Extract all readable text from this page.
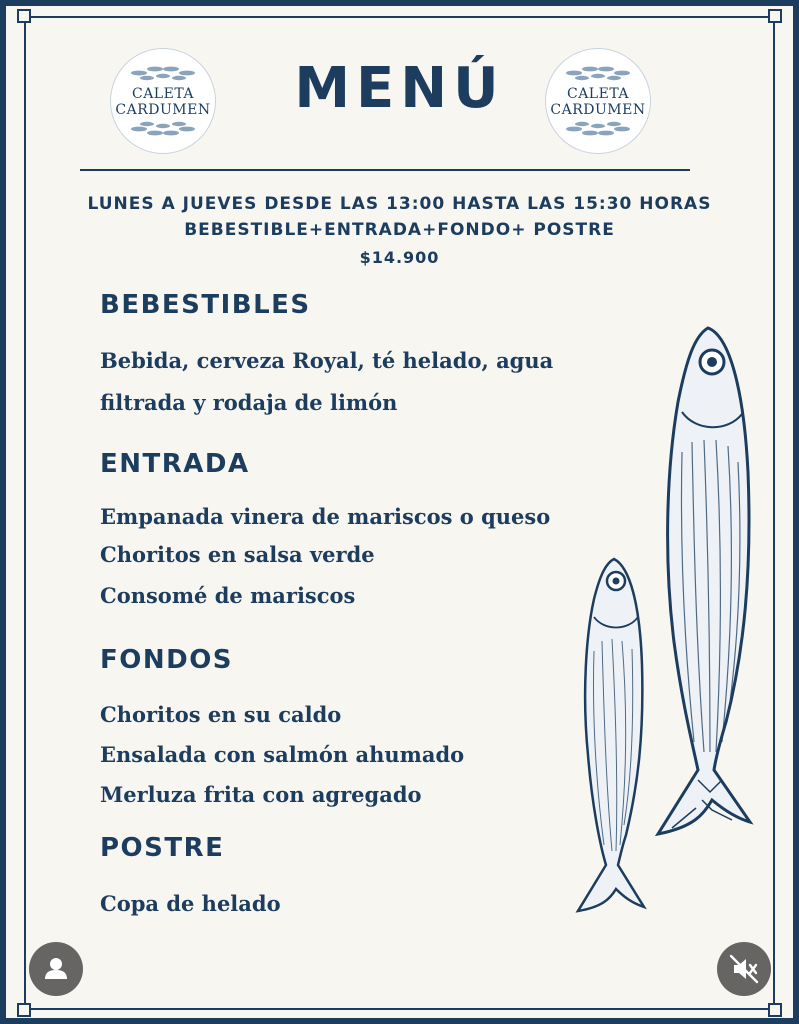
CALETA
CARDUMEN
CALETA
CARDUMEN
MENÚ
LUNES A JUEVES DESDE LAS 13:00 HASTA LAS 15:30 HORAS
BEBESTIBLE+ENTRADA+FONDO+ POSTRE
$14.900
BEBESTIBLES
Bebida, cerveza Royal, té helado, agua
filtrada y rodaja de limón
ENTRADA
Empanada vinera de mariscos o queso
Choritos en salsa verde
Consomé de mariscos
FONDOS
Choritos en su caldo
Ensalada con salmón ahumado
Merluza frita con agregado
POSTRE
Copa de helado
